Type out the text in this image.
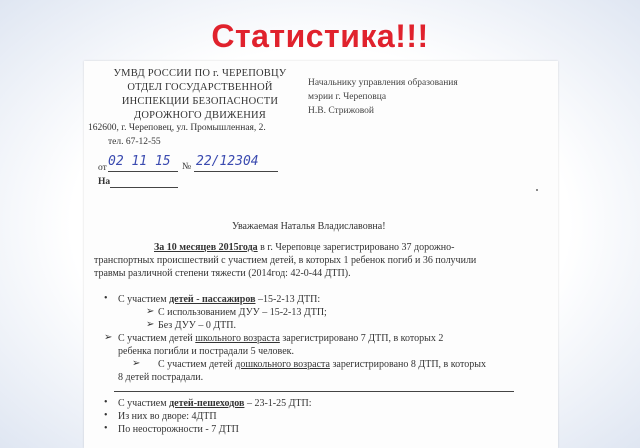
Статистика!!!
УМВД РОССИИ ПО г. ЧЕРЕПОВЦУ
ОТДЕЛ ГОСУДАРСТВЕННОЙ
ИНСПЕКЦИИ БЕЗОПАСНОСТИ
ДОРОЖНОГО ДВИЖЕНИЯ
162600, г. Череповец, ул. Промышленная, 2.
тел. 67-12-55
Начальнику управления образования
мэрии г. Череповца
Н.В. Стрижовой
от 02 11 15 № 22/12304
На
Уважаемая Наталья Владиславовна!
За 10 месяцев 2015года в г. Череповце зарегистрировано 37 дорожно-
транспортных происшествий с участием детей, в которых 1 ребенок погиб и 36 получили
травмы различной степени тяжести (2014год: 42-0-44 ДТП).
• С участием детей - пассажиров –15-2-13 ДТП:
➢ С использованием ДУУ – 15-2-13 ДТП;
➢ Без ДУУ – 0 ДТП.
➢ С участием детей школьного возраста зарегистрировано 7 ДТП, в которых 2
ребенка погибли и пострадали 5 человек.
➢ С участием детей дошкольного возраста зарегистрировано 8 ДТП, в которых
8 детей пострадали.
• С участием детей-пешеходов – 23-1-25 ДТП:
• Из них во дворе: 4ДТП
• По неосторожности - 7 ДТП
